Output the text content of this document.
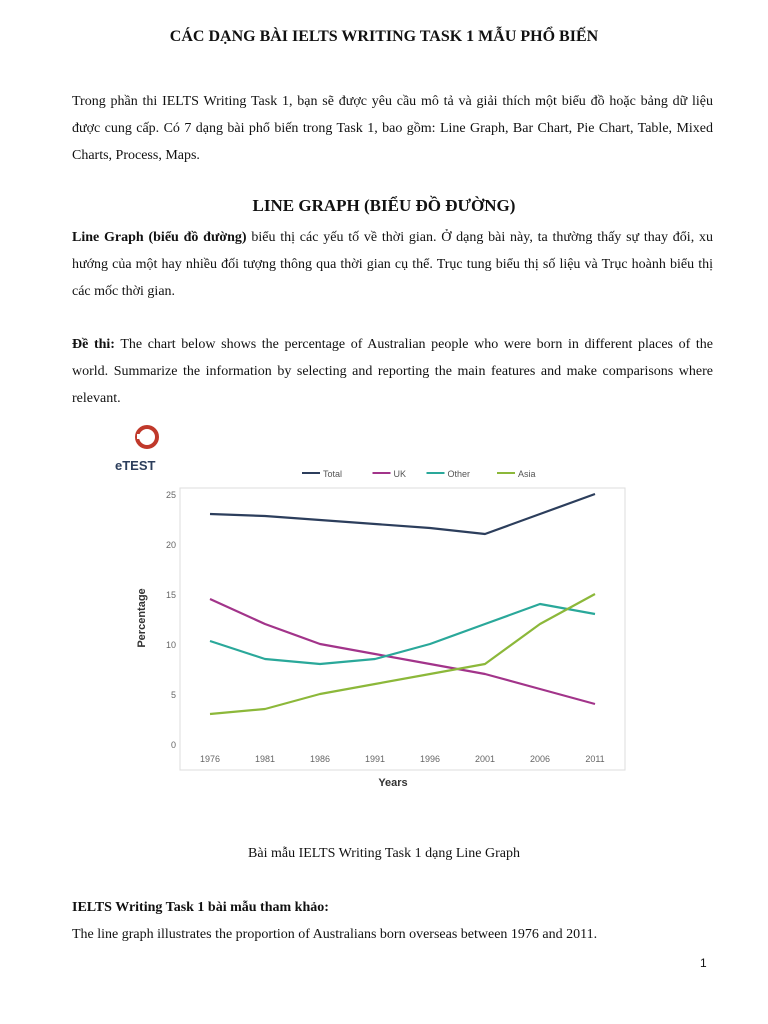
CÁC DẠNG BÀI IELTS WRITING TASK 1 MẪU PHỔ BIẾN

Trong phần thi IELTS Writing Task 1, bạn sẽ được yêu cầu mô tả và giải thích một biểu đồ hoặc bảng dữ liệu được cung cấp. Có 7 dạng bài phổ biến trong Task 1, bao gồm: Line Graph, Bar Chart, Pie Chart, Table, Mixed Charts, Process, Maps.

LINE GRAPH (BIỂU ĐỒ ĐƯỜNG)

Line Graph (biểu đồ đường) biểu thị các yếu tố về thời gian. Ở dạng bài này, ta thường thấy sự thay đổi, xu hướng của một hay nhiều đối tượng thông qua thời gian cụ thể. Trục tung biểu thị số liệu và Trục hoành biểu thị các mốc thời gian.

Đề thi: The chart below shows the percentage of Australian people who were born in different places of the world. Summarize the information by selecting and reporting the main features and make comparisons where relevant.

eTEST
0
5
10
15
20
25
1976	1981	1986	1991	1996	2001	2006	2011
Total	UK	Other	Asia
Percentage
Years
Bài mẫu IELTS Writing Task 1 dạng Line Graph
IELTS Writing Task 1 bài mẫu tham khảo:
The line graph illustrates the proportion of Australians born overseas between 1976 and 2011.
1
